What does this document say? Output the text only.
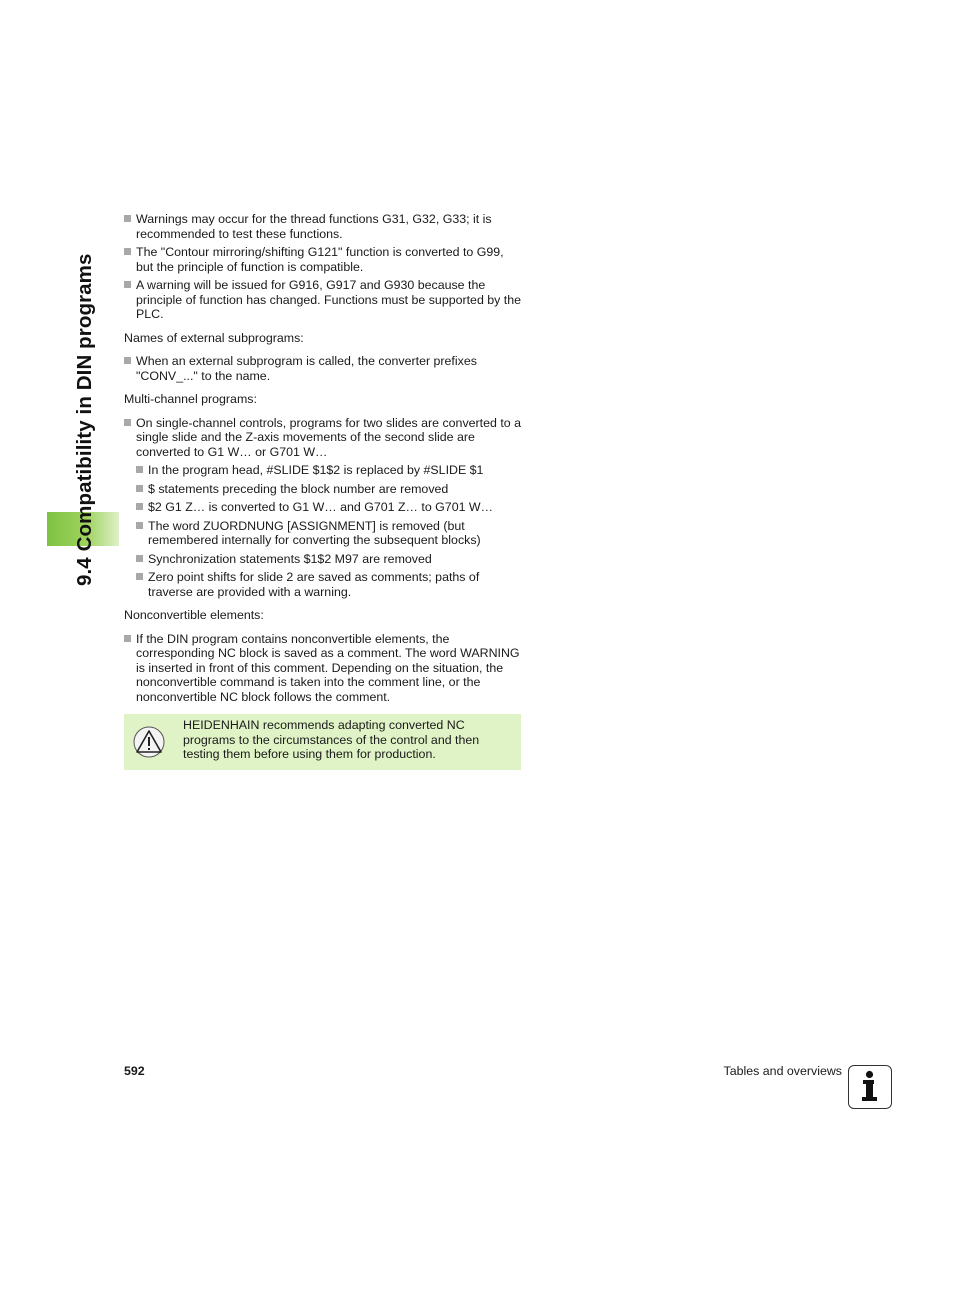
9.4 Compatibility in DIN programs
Warnings may occur for the thread functions G31, G32, G33; it is recommended to test these functions.
The "Contour mirroring/shifting G121" function is converted to G99, but the principle of function is compatible.
A warning will be issued for G916, G917 and G930 because the principle of function has changed. Functions must be supported by the PLC.

Names of external subprograms:

When an external subprogram is called, the converter prefixes "CONV_..." to the name.

Multi-channel programs:

On single-channel controls, programs for two slides are converted to a single slide and the Z-axis movements of the second slide are converted to G1 W… or G701 W…
In the program head, #SLIDE $1$2 is replaced by #SLIDE $1
$ statements preceding the block number are removed
$2 G1 Z… is converted to G1 W… and G701 Z… to G701 W…
The word ZUORDNUNG [ASSIGNMENT] is removed (but remembered internally for converting the subsequent blocks)
Synchronization statements $1$2 M97 are removed
Zero point shifts for slide 2 are saved as comments; paths of traverse are provided with a warning.

Nonconvertible elements:

If the DIN program contains nonconvertible elements, the corresponding NC block is saved as a comment. The word WARNING is inserted in front of this comment. Depending on the situation, the nonconvertible command is taken into the comment line, or the nonconvertible NC block follows the comment.
HEIDENHAIN recommends adapting converted NC programs to the circumstances of the control and then testing them before using them for production.
592	Tables and overviews
